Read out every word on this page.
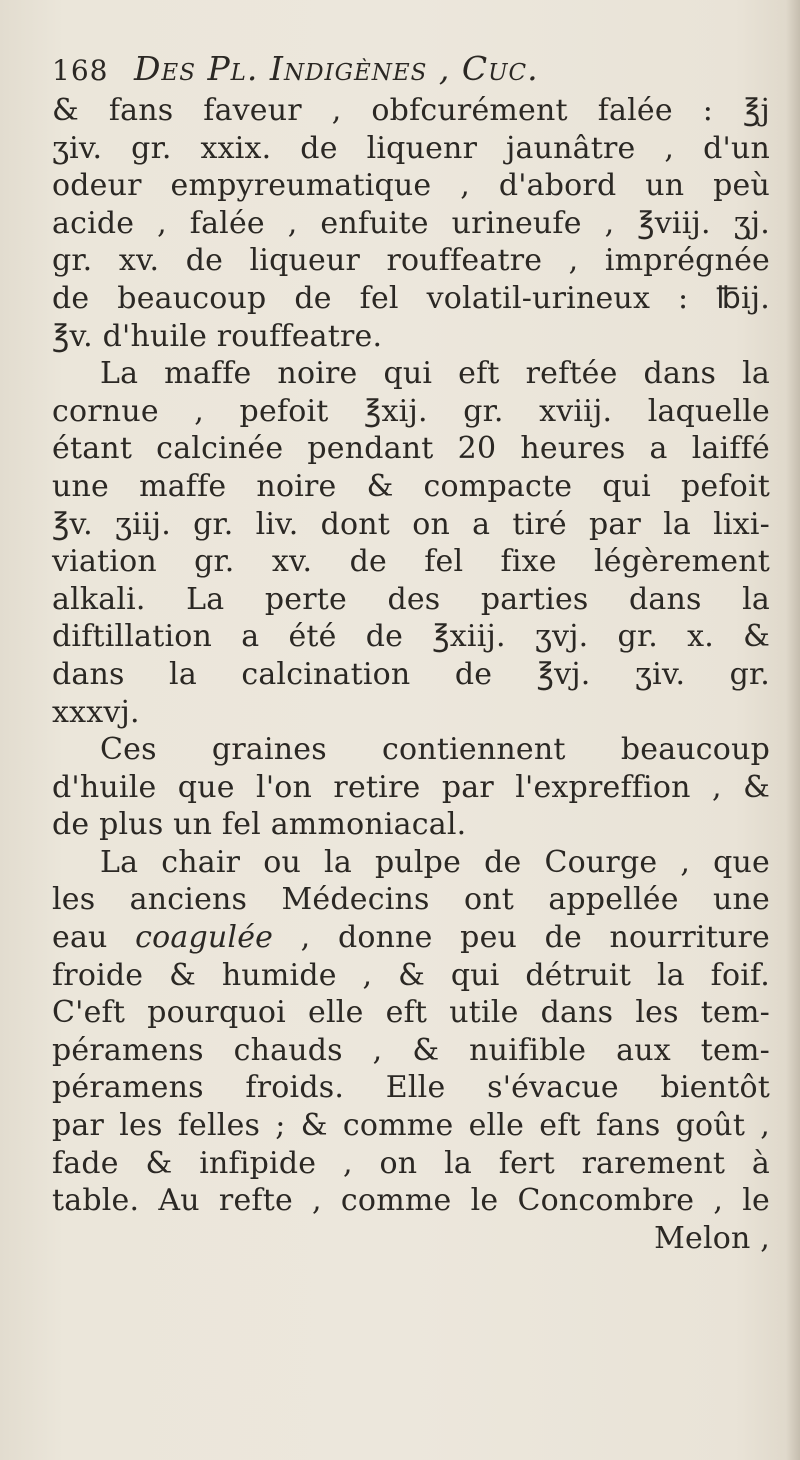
168 Des Pl. Indigènes , Cuc.
& fans faveur , obfcurément falée : ℥j
ʒiv. gr. xxix. de liquenr jaunâtre , d'un
odeur empyreumatique , d'abord un peù
acide , falée , enfuite urineufe , ℥viij. ʒj.
gr. xv. de liqueur rouffeatre , imprégnée
de beaucoup de fel volatil-urineux : ℔ij.
℥v. d'huile rouffeatre.
La maffe noire qui eft reftée dans la
cornue , pefoit ℥xij. gr. xviij. laquelle
étant calcinée pendant 20 heures a laiffé
une maffe noire & compacte qui pefoit
℥v. ʒiij. gr. liv. dont on a tiré par la lixi-
viation gr. xv. de fel fixe légèrement
alkali. La perte des parties dans la
diftillation a été de ℥xiij. ʒvj. gr. x. &
dans la calcination de ℥vj. ʒiv. gr.
xxxvj.
Ces graines contiennent beaucoup
d'huile que l'on retire par l'expreffion , &
de plus un fel ammoniacal.
La chair ou la pulpe de Courge , que
les anciens Médecins ont appellée une
eau coagulée , donne peu de nourriture
froide & humide , & qui détruit la foif.
C'eft pourquoi elle eft utile dans les tem-
péramens chauds , & nuifible aux tem-
péramens froids. Elle s'évacue bientôt
par les felles ; & comme elle eft fans goût ,
fade & infipide , on la fert rarement à
table. Au refte , comme le Concombre , le
Melon ,
